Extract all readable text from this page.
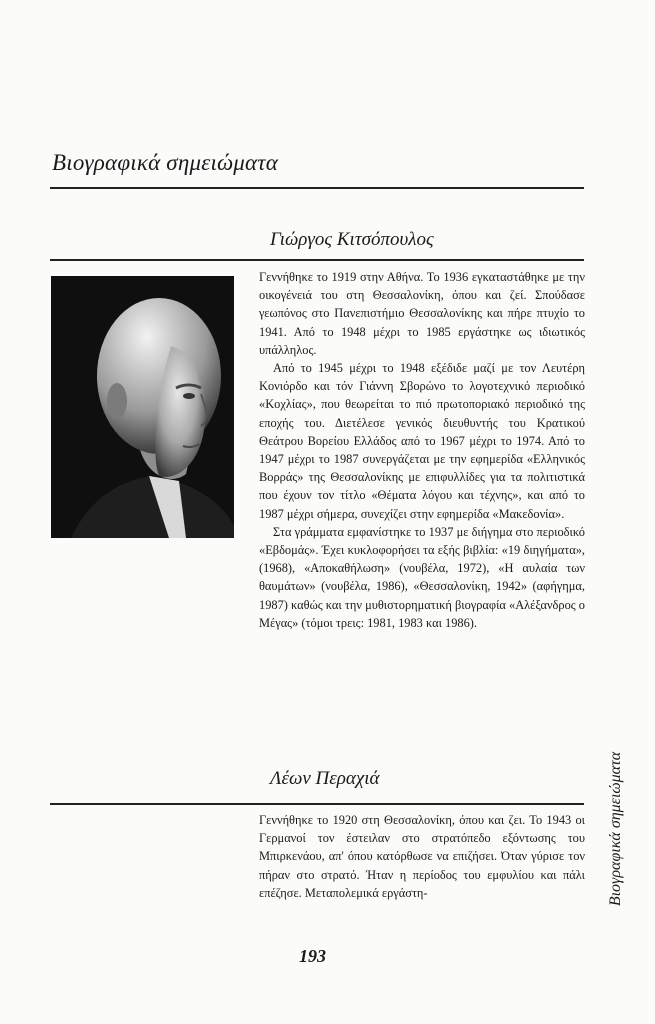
Βιογραφικά σημειώματα
Γιώργος Κιτσόπουλος

Γεννήθηκε το 1919 στην Αθήνα. Το 1936 εγκαταστάθηκε με την οικογένειά του στη Θεσσαλονίκη, όπου και ζεί. Σπούδασε γεωπόνος στο Πανεπιστήμιο Θεσσαλονίκης και πήρε πτυχίο το 1941. Από το 1948 μέχρι το 1985 εργάστηκε ως ιδιωτικός υπάλληλος.

Από το 1945 μέχρι το 1948 εξέδιδε μαζί με τον Λευτέρη Κονιόρδο και τόν Γιάννη Σβορώνο το λογοτεχνικό περιοδικό «Κοχλίας», που θεωρείται το πιό πρωτοποριακό περιοδικό της εποχής του. Διετέλεσε γενικός διευθυντής του Κρατικού Θεάτρου Βορείου Ελλάδος από το 1967 μέχρι το 1974. Από το 1947 μέχρι το 1987 συνεργάζεται με την εφημερίδα «Ελληνικός Βορράς» της Θεσσαλονίκης με επιφυλλίδες για τα πολιτιστικά που έχουν τον τίτλο «Θέματα λόγου και τέχνης», και από το 1987 μέχρι σήμερα, συνεχίζει στην εφημερίδα «Μακεδονία».

Στα γράμματα εμφανίστηκε το 1937 με διήγημα στο περιοδικό «Εβδομάς». Έχει κυκλοφορήσει τα εξής βιβλία: «19 διηγήματα», (1968), «Αποκαθήλωση» (νουβέλα, 1972), «Η αυλαία των θαυμάτων» (νουβέλα, 1986), «Θεσσαλονίκη, 1942» (αφήγημα, 1987) καθώς και την μυθιστορηματική βιογραφία «Αλέξανδρος ο Μέγας» (τόμοι τρεις: 1981, 1983 και 1986).

Λέων Περαχιά

Γεννήθηκε το 1920 στη Θεσσαλονίκη, όπου και ζει. Το 1943 οι Γερμανοί τον έστειλαν στο στρατόπεδο εξόντωσης του Μπιρκενάου, απ' όπου κατόρθωσε να επιζήσει. Όταν γύρισε τον πήραν στο στρατό. Ήταν η περίοδος του εμφυλίου και πάλι επέζησε. Μεταπολεμικά εργάστη-	Βιογραφικά σημειώματα
193
